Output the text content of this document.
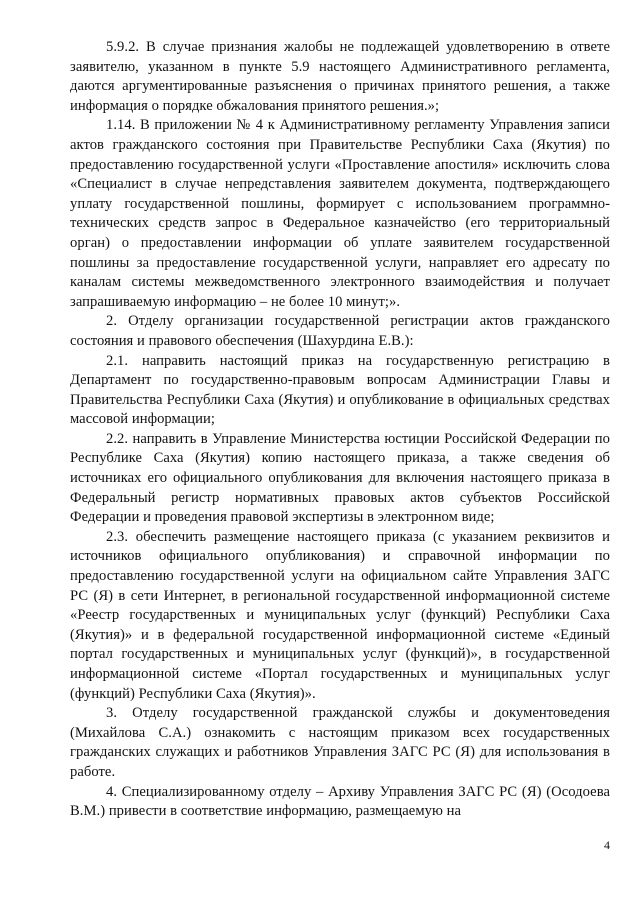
5.9.2. В случае признания жалобы не подлежащей удовлетворению в ответе заявителю, указанном в пункте 5.9 настоящего Административного регламента, даются аргументированные разъяснения о причинах принятого решения, а также информация о порядке обжалования принятого решения.»;

1.14. В приложении № 4 к Административному регламенту Управления записи актов гражданского состояния при Правительстве Республики Саха (Якутия) по предоставлению государственной услуги «Проставление апостиля» исключить слова «Специалист в случае непредставления заявителем документа, подтверждающего уплату государственной пошлины, формирует с использованием программно-технических средств запрос в Федеральное казначейство (его территориальный орган) о предоставлении информации об уплате заявителем государственной пошлины за предоставление государственной услуги, направляет его адресату по каналам системы межведомственного электронного взаимодействия и получает запрашиваемую информацию – не более 10 минут;».

2. Отделу организации государственной регистрации актов гражданского состояния и правового обеспечения (Шахурдина Е.В.):

2.1. направить настоящий приказ на государственную регистрацию в Департамент по государственно-правовым вопросам Администрации Главы и Правительства Республики Саха (Якутия) и опубликование в официальных средствах массовой информации;

2.2. направить в Управление Министерства юстиции Российской Федерации по Республике Саха (Якутия) копию настоящего приказа, а также сведения об источниках его официального опубликования для включения настоящего приказа в Федеральный регистр нормативных правовых актов субъектов Российской Федерации и проведения правовой экспертизы в электронном виде;

2.3. обеспечить размещение настоящего приказа (с указанием реквизитов и источников официального опубликования) и справочной информации по предоставлению государственной услуги на официальном сайте Управления ЗАГС РС (Я) в сети Интернет, в региональной государственной информационной системе «Реестр государственных и муниципальных услуг (функций) Республики Саха (Якутия)» и в федеральной государственной информационной системе «Единый портал государственных и муниципальных услуг (функций)», в государственной информационной системе «Портал государственных и муниципальных услуг (функций) Республики Саха (Якутия)».

3. Отделу государственной гражданской службы и документоведения (Михайлова С.А.) ознакомить с настоящим приказом всех государственных гражданских служащих и работников Управления ЗАГС РС (Я) для использования в работе.

4. Специализированному отделу – Архиву Управления ЗАГС РС (Я) (Осодоева В.М.) привести в соответствие информацию, размещаемую на

4
